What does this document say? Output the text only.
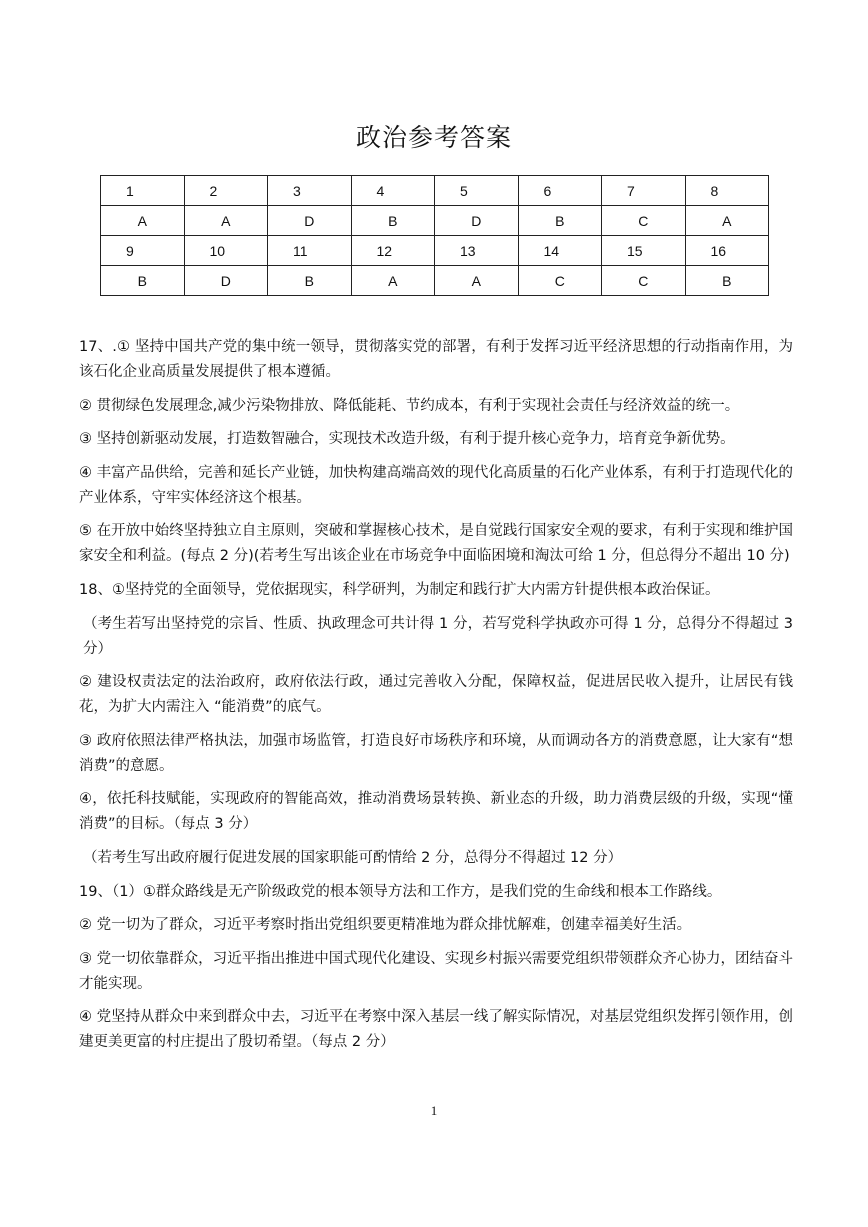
政治参考答案
1	2	3	4	5	6	7	8
A	A	D	B	D	B	C	A
9	10	11	12	13	14	15	16
B	D	B	A	A	C	C	B

17、.① 坚持中国共产党的集中统一领导，贯彻落实党的部署，有利于发挥习近平经济思想的行动指南作用，为该石化企业高质量发展提供了根本遵循。

② 贯彻绿色发展理念,减少污染物排放、降低能耗、节约成本，有利于实现社会责任与经济效益的统一。

③ 坚持创新驱动发展，打造数智融合，实现技术改造升级，有利于提升核心竞争力，培育竞争新优势。

④ 丰富产品供给，完善和延长产业链，加快构建高端高效的现代化高质量的石化产业体系，有利于打造现代化的产业体系，守牢实体经济这个根基。

⑤ 在开放中始终坚持独立自主原则，突破和掌握核心技术，是自觉践行国家安全观的要求，有利于实现和维护国家安全和利益。(每点 2 分)(若考生写出该企业在市场竞争中面临困境和淘汰可给 1 分，但总得分不超出 10 分)

18、①坚持党的全面领导，党依据现实，科学研判，为制定和践行扩大内需方针提供根本政治保证。

（考生若写出坚持党的宗旨、性质、执政理念可共计得 1 分，若写党科学执政亦可得 1 分，总得分不得超过 3 分）

② 建设权责法定的法治政府，政府依法行政，通过完善收入分配，保障权益，促进居民收入提升，让居民有钱花，为扩大内需注入 “能消费”的底气。

③ 政府依照法律严格执法，加强市场监管，打造良好市场秩序和环境，从而调动各方的消费意愿，让大家有“想消费”的意愿。

④，依托科技赋能，实现政府的智能高效，推动消费场景转换、新业态的升级，助力消费层级的升级，实现“懂消费”的目标。（每点 3 分）

（若考生写出政府履行促进发展的国家职能可酌情给 2 分，总得分不得超过 12 分）

19、（1）①群众路线是无产阶级政党的根本领导方法和工作方，是我们党的生命线和根本工作路线。

② 党一切为了群众，习近平考察时指出党组织要更精准地为群众排忧解难，创建幸福美好生活。

③ 党一切依靠群众，习近平指出推进中国式现代化建设、实现乡村振兴需要党组织带领群众齐心协力，团结奋斗才能实现。

④ 党坚持从群众中来到群众中去，习近平在考察中深入基层一线了解实际情况，对基层党组织发挥引领作用，创建更美更富的村庄提出了殷切希望。（每点 2 分）

1
